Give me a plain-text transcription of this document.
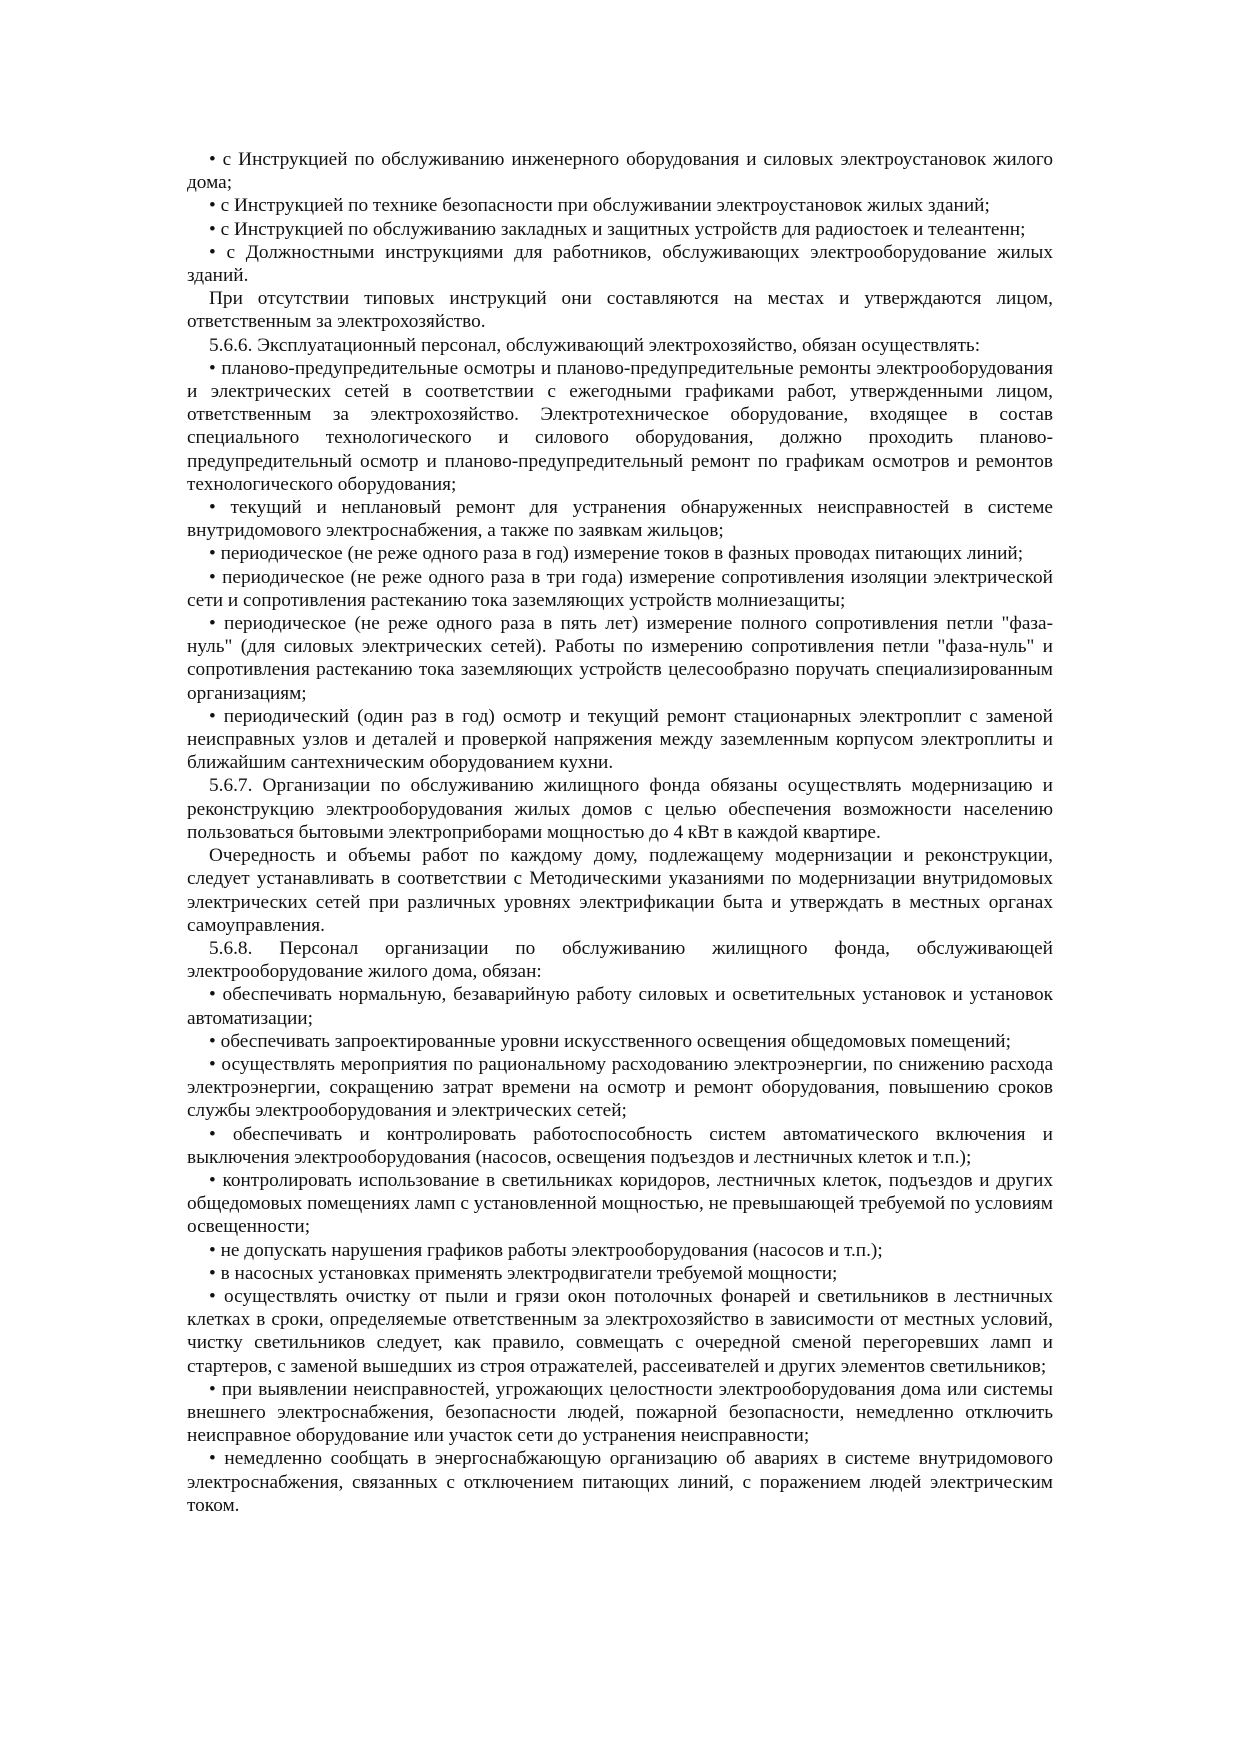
• с Инструкцией по обслуживанию инженерного оборудования и силовых электроустановок жилого дома;

• с Инструкцией по технике безопасности при обслуживании электроустановок жилых зданий;

• с Инструкцией по обслуживанию закладных и защитных устройств для радиостоек и телеантенн;

• с Должностными инструкциями для работников, обслуживающих электрооборудование жилых зданий.

При отсутствии типовых инструкций они составляются на местах и утверждаются лицом, ответственным за электрохозяйство.

5.6.6. Эксплуатационный персонал, обслуживающий электрохозяйство, обязан осуществлять:

• планово-предупредительные осмотры и планово-предупредительные ремонты электрооборудования и электрических сетей в соответствии с ежегодными графиками работ, утвержденными лицом, ответственным за электрохозяйство. Электротехническое оборудование, входящее в состав специального технологического и силового оборудования, должно проходить планово-предупредительный осмотр и планово-предупредительный ремонт по графикам осмотров и ремонтов технологического оборудования;

• текущий и неплановый ремонт для устранения обнаруженных неисправностей в системе внутридомового электроснабжения, а также по заявкам жильцов;

• периодическое (не реже одного раза в год) измерение токов в фазных проводах питающих линий;

• периодическое (не реже одного раза в три года) измерение сопротивления изоляции электрической сети и сопротивления растеканию тока заземляющих устройств молниезащиты;

• периодическое (не реже одного раза в пять лет) измерение полного сопротивления петли "фаза-нуль" (для силовых электрических сетей). Работы по измерению сопротивления петли "фаза-нуль" и сопротивления растеканию тока заземляющих устройств целесообразно поручать специализированным организациям;

• периодический (один раз в год) осмотр и текущий ремонт стационарных электроплит с заменой неисправных узлов и деталей и проверкой напряжения между заземленным корпусом электроплиты и ближайшим сантехническим оборудованием кухни.

5.6.7. Организации по обслуживанию жилищного фонда обязаны осуществлять модернизацию и реконструкцию электрооборудования жилых домов с целью обеспечения возможности населению пользоваться бытовыми электроприборами мощностью до 4 кВт в каждой квартире.

Очередность и объемы работ по каждому дому, подлежащему модернизации и реконструкции, следует устанавливать в соответствии с Методическими указаниями по модернизации внутридомовых электрических сетей при различных уровнях электрификации быта и утверждать в местных органах самоуправления.

5.6.8. Персонал организации по обслуживанию жилищного фонда, обслуживающей электрооборудование жилого дома, обязан:

• обеспечивать нормальную, безаварийную работу силовых и осветительных установок и установок автоматизации;

• обеспечивать запроектированные уровни искусственного освещения общедомовых помещений;

• осуществлять мероприятия по рациональному расходованию электроэнергии, по снижению расхода электроэнергии, сокращению затрат времени на осмотр и ремонт оборудования, повышению сроков службы электрооборудования и электрических сетей;

• обеспечивать и контролировать работоспособность систем автоматического включения и выключения электрооборудования (насосов, освещения подъездов и лестничных клеток и т.п.);

• контролировать использование в светильниках коридоров, лестничных клеток, подъездов и других общедомовых помещениях ламп с установленной мощностью, не превышающей требуемой по условиям освещенности;

• не допускать нарушения графиков работы электрооборудования (насосов и т.п.);

• в насосных установках применять электродвигатели требуемой мощности;

• осуществлять очистку от пыли и грязи окон потолочных фонарей и светильников в лестничных клетках в сроки, определяемые ответственным за электрохозяйство в зависимости от местных условий, чистку светильников следует, как правило, совмещать с очередной сменой перегоревших ламп и стартеров, с заменой вышедших из строя отражателей, рассеивателей и других элементов светильников;

• при выявлении неисправностей, угрожающих целостности электрооборудования дома или системы внешнего электроснабжения, безопасности людей, пожарной безопасности, немедленно отключить неисправное оборудование или участок сети до устранения неисправности;

• немедленно сообщать в энергоснабжающую организацию об авариях в системе внутридомового электроснабжения, связанных с отключением питающих линий, с поражением людей электрическим током.
